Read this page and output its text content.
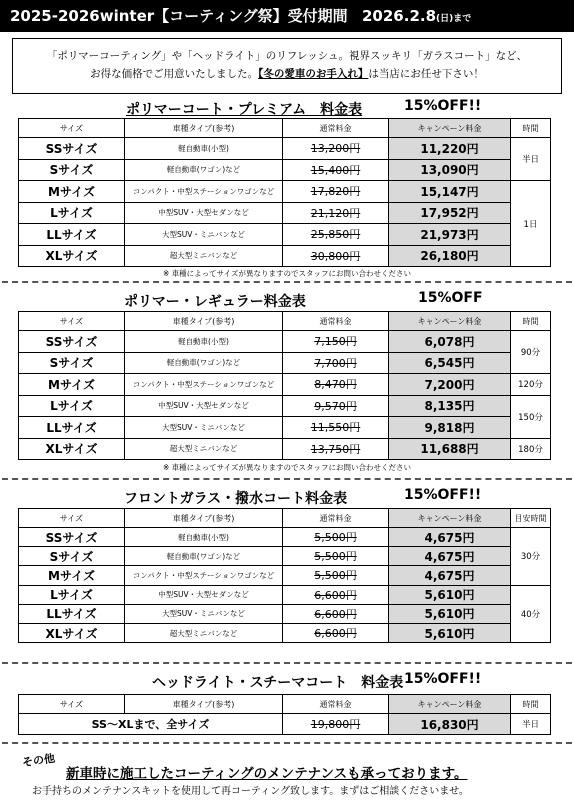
2025-2026winter【コーティング祭】受付期間 2026.2.8(日)まで
「ポリマーコーティング」や「ヘッドライト」のリフレッシュ。視界スッキリ「ガラスコート」など、
お得な価格でご用意いたしました。【冬の愛車のお手入れ】は当店にお任せ下さい！
ポリマーコート・プレミアム　料金表	15%OFF!!
サイズ	車種タイプ(参考)	通常料金	キャンペーン料金	時間
SSサイズ	軽自動車(小型)	13,200円	11,220円	半日
Sサイズ	軽自動車(ワゴン)など	15,400円	13,090円	
Mサイズ	コンパクト・中型ステーションワゴンなど	17,820円	15,147円	1日
Lサイズ	中型SUV・大型セダンなど	21,120円	17,952円	
LLサイズ	大型SUV・ミニバンなど	25,850円	21,973円	
XLサイズ	超大型ミニバンなど	30,800円	26,180円	
※ 車種によってサイズが異なりますのでスタッフにお問い合わせください
ポリマー・レギュラー料金表	15%OFF
サイズ	車種タイプ(参考)	通常料金	キャンペーン料金	時間
SSサイズ	軽自動車(小型)	7,150円	6,078円	90分
Sサイズ	軽自動車(ワゴン)など	7,700円	6,545円	
Mサイズ	コンパクト・中型ステーションワゴンなど	8,470円	7,200円	120分
Lサイズ	中型SUV・大型セダンなど	9,570円	8,135円	150分
LLサイズ	大型SUV・ミニバンなど	11,550円	9,818円	
XLサイズ	超大型ミニバンなど	13,750円	11,688円	180分
※ 車種によってサイズが異なりますのでスタッフにお問い合わせください
フロントガラス・撥水コート料金表	15%OFF!!
サイズ	車種タイプ(参考)	通常料金	キャンペーン料金	目安時間
SSサイズ	軽自動車(小型)	5,500円	4,675円	30分
Sサイズ	軽自動車(ワゴン)など	5,500円	4,675円	
Mサイズ	コンパクト・中型ステーションワゴンなど	5,500円	4,675円	
Lサイズ	中型SUV・大型セダンなど	6,600円	5,610円	40分
LLサイズ	大型SUV・ミニバンなど	6,600円	5,610円	
XLサイズ	超大型ミニバンなど	6,600円	5,610円	
ヘッドライト・スチーマコート　料金表 15%OFF!!
サイズ	車種タイプ(参考)	通常料金	キャンペーン料金	時間
SS～XLまで、全サイズ		19,800円	16,830円	半日
その他
新車時に施工したコーティングのメンテナンスも承っております。
お手持ちのメンテナンスキットを使用して再コーティング致します。まずはご相談くださいませ。
